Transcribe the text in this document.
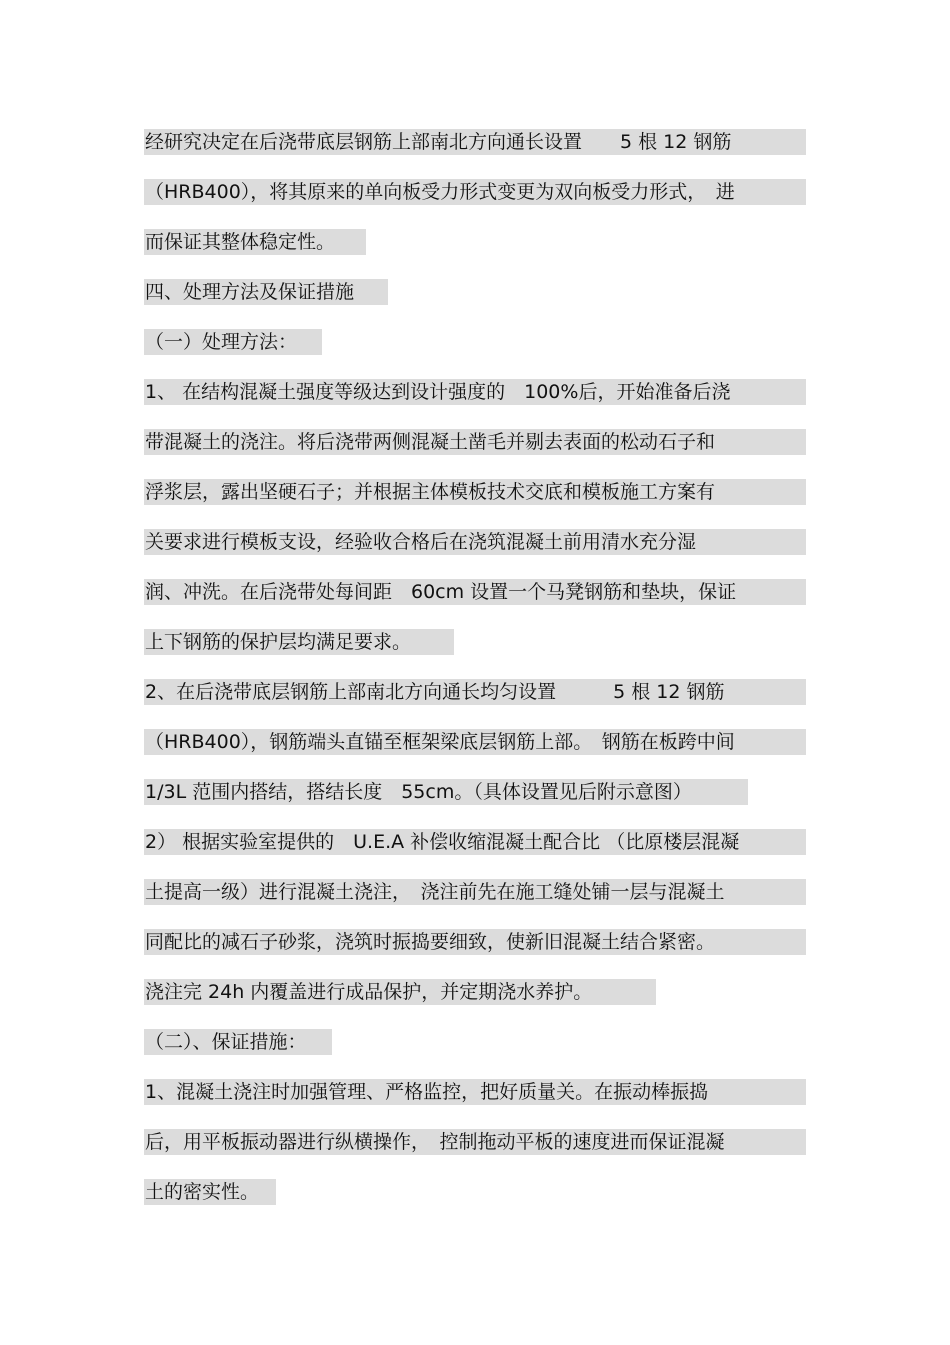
经研究决定在后浇带底层钢筋上部南北方向通长设置　　5 根 12 钢筋
（HRB400），将其原来的单向板受力形式变更为双向板受力形式，　进
而保证其整体稳定性。
四、处理方法及保证措施
（一）处理方法：
1、 在结构混凝土强度等级达到设计强度的　100%后，开始准备后浇
带混凝土的浇注。将后浇带两侧混凝土凿毛并剔去表面的松动石子和
浮浆层，露出坚硬石子；并根据主体模板技术交底和模板施工方案有
关要求进行模板支设，经验收合格后在浇筑混凝土前用清水充分湿
润、冲洗。在后浇带处每间距　60cm 设置一个马凳钢筋和垫块，保证
上下钢筋的保护层均满足要求。
2、在后浇带底层钢筋上部南北方向通长均匀设置　　　5 根 12 钢筋
（HRB400），钢筋端头直锚至框架梁底层钢筋上部。　钢筋在板跨中间
1/3L 范围内搭结，搭结长度　55cm。（具体设置见后附示意图）
2） 根据实验室提供的　U.E.A 补偿收缩混凝土配合比 （比原楼层混凝
土提高一级）进行混凝土浇注，　浇注前先在施工缝处铺一层与混凝土
同配比的减石子砂浆，浇筑时振捣要细致，使新旧混凝土结合紧密。
浇注完 24h 内覆盖进行成品保护，并定期浇水养护。
（二）、保证措施：
1、混凝土浇注时加强管理、严格监控，把好质量关。在振动棒振捣
后，用平板振动器进行纵横操作，　控制拖动平板的速度进而保证混凝
土的密实性。
